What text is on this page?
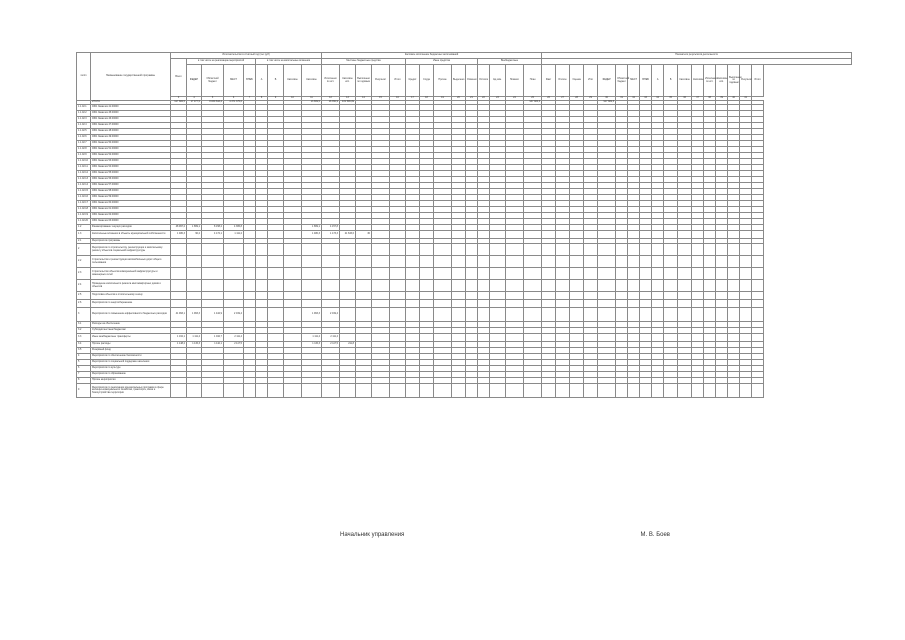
№п/п	Наименование государственной программы	Исполнительство в отчётный год (тыс руб)									Кассовое исполнение бюджетных ассигнований														Показатели результатов деятельности																
		Всего	в том числе на реализацию мероприятий				в том числе на капитальные вложения				Местные бюджетные средства					Иные средства					Внебюджетные																				
			ФЕДЕР	Областной бюджет	МЕСТ	ВНЕБ	А	Б	Кассовое	Кассовое	Исполнено по ист.	Кассовое исп.	Выполнено по годовым	Результат	Итого	Кредит	Ссуда	Прочие	Выделено	Освоено	Остаток	Ед.изм.	Показат.	План	Факт	Отклон.	Оценка	Итог	ФЕДЕР	Областной бюджет	МЕСТ	ВНЕБ	А	Б	Кассовое	Кассовое	Исполнено по ист.	Кассовое исп.	Выполнено по годовым	Результат	Итого
		3	4	5	6	7	8	9	10	11	12	13	14	15	16	17	18	19	20	21	22	23	24	25	26	27	28	29	30	31	32	33	34	35	36	37	38	39	40	41	
	ИТОГО	917 882,5	17 977,5	8 839 843,4	4 371 375,6					13 869,5	18 350,9	431 596,69												937 883,5					917 882,5												
1.1.02.1	0301 Заказчик 41.00000																																								
1.1.02.2	0301 Заказчик 45.00000																																								
1.1.02.3	0301 Заказчик 46.00000																																								
1.1.02.4	0301 Заказчик 47.00000																																								
1.1.02.5	0301 Заказчик 48.00000																																								
1.1.02.6	0301 Заказчик 49.00000																																								
1.1.02.7	0301 Заказчик 50.00000																																								
1.1.02.8	0301 Заказчик 51.00000																																								
1.1.02.9	0301 Заказчик 52.00000																																								
1.1.02.10	0301 Заказчик 53.00000																																								
1.1.02.11	0301 Заказчик 54.00000																																								
1.1.02.12	0301 Заказчик 55.00000																																								
1.1.02.13	0301 Заказчик 56.00000																																								
1.1.02.14	0301 Заказчик 57.00000																																								
1.1.02.15	0301 Заказчик 58.00000																																								
1.1.02.16	0301 Заказчик 59.00000																																								
1.1.02.17	0301 Заказчик 60.00000																																								
1.1.02.18	0301 Заказчик 61.00000																																								
1.1.02.19	0301 Заказчик 62.00000																																								
1.1.02.20	0301 Заказчик 63.00000																																								
1.2	Финансирование текущих расходов	48 997,2	1 869,1	8 158,2	4 365,8					1 869,1	4 157,8																														
1.3	Капитальные вложения в объекты муниципальной собственности	1 480,3	90,2	4 172,1	1 111,2					1 480,3	1 173,3	21 633,6	30																												
2.1	Мероприятия программы																																								
2	Мероприятия по строительству, реконструкции и капитальному ремонту объектов социальной инфраструктуры																																								
2.2	Строительство и реконструкция автомобильных дорог общего пользования																																								
2.3	Строительство объектов коммунальной инфраструктуры и инженерных сетей																																								
2.4	Проведение капитального ремонта многоквартирных домов и объектов																																								
2.5	Подготовка объектов к отопительному сезону																																								
2.6	Мероприятия по энергосбережению																																								
3	Мероприятия по повышению эффективности бюджетных расходов	41 993,1	1 963,3	1 442,9	2 019,4					1 963,3	2 019,4																														
3.1	Расходы на обеспечение																																								
3.2	Субсидии местным бюджетам																																								
3.3	Иные межбюджетные трансферты	1 162,1	1 111,4	1 042,7	2 111,4					1 111,4	2 111,4																														
3.4	Прочие расходы	1 148,2	1 115,3	1 110,1	2 117,5					1 115,3	2 117,5	211,8																													
3.5	Резервный фонд																																								
4	Мероприятия по обеспечению безопасности																																								
5	Мероприятия по социальной поддержке населения																																								
6	Мероприятия по культуре																																								
7	Мероприятия по образованию																																								
8	Прочие мероприятия																																								
9	Мероприятия по реализации муниципальных программ в сфере жилищно-коммунального хозяйства, транспорта, связи и благоустройства территории																																								
Начальник управления	М. В. Боев
